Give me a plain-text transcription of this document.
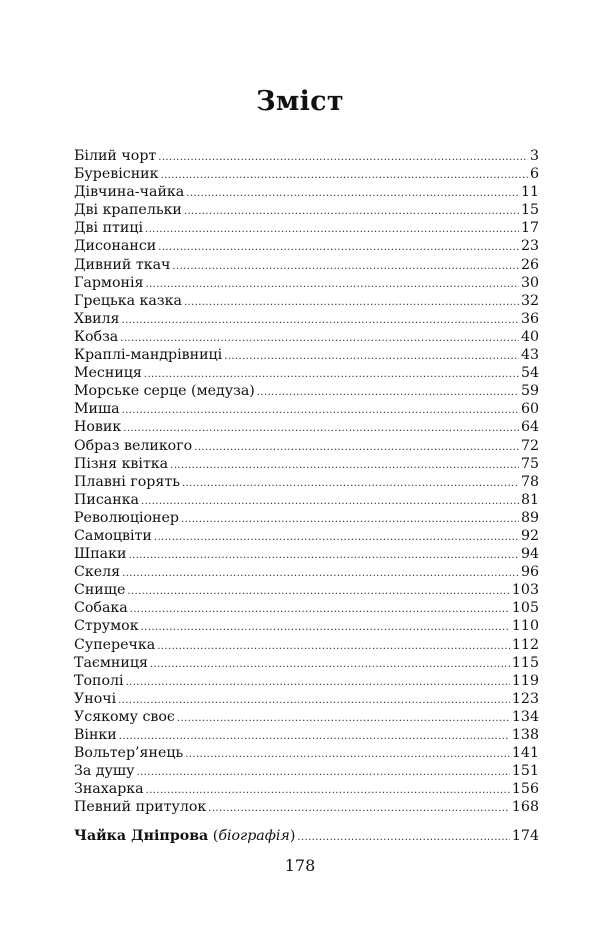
Зміст
Білий чорт .....	3
Буревісник .....	6
Дівчина-чайка .....	11
Дві крапельки .....	15
Дві птиці .....	17
Дисонанси .....	23
Дивний ткач .....	26
Гармонія .....	30
Грецька казка .....	32
Хвиля .....	36
Кобза .....	40
Краплі-мандрівниці .....	43
Месниця .....	54
Морське серце (медуза) .....	59
Миша .....	60
Новик .....	64
Образ великого .....	72
Пізня квітка .....	75
Плавні горять .....	78
Писанка .....	81
Революціонер .....	89
Самоцвіти .....	92
Шпаки .....	94
Скеля .....	96
Снище .....	103
Собака .....	105
Струмок .....	110
Суперечка .....	112
Таємниця .....	115
Тополі .....	119
Уночі .....	123
Усякому своє .....	134
Вінки .....	138
Вольтер’янець .....	141
За душу .....	151
Знахарка .....	156
Певний притулок .....	168
Чайка Дніпрова (біографія) .....	174
178
